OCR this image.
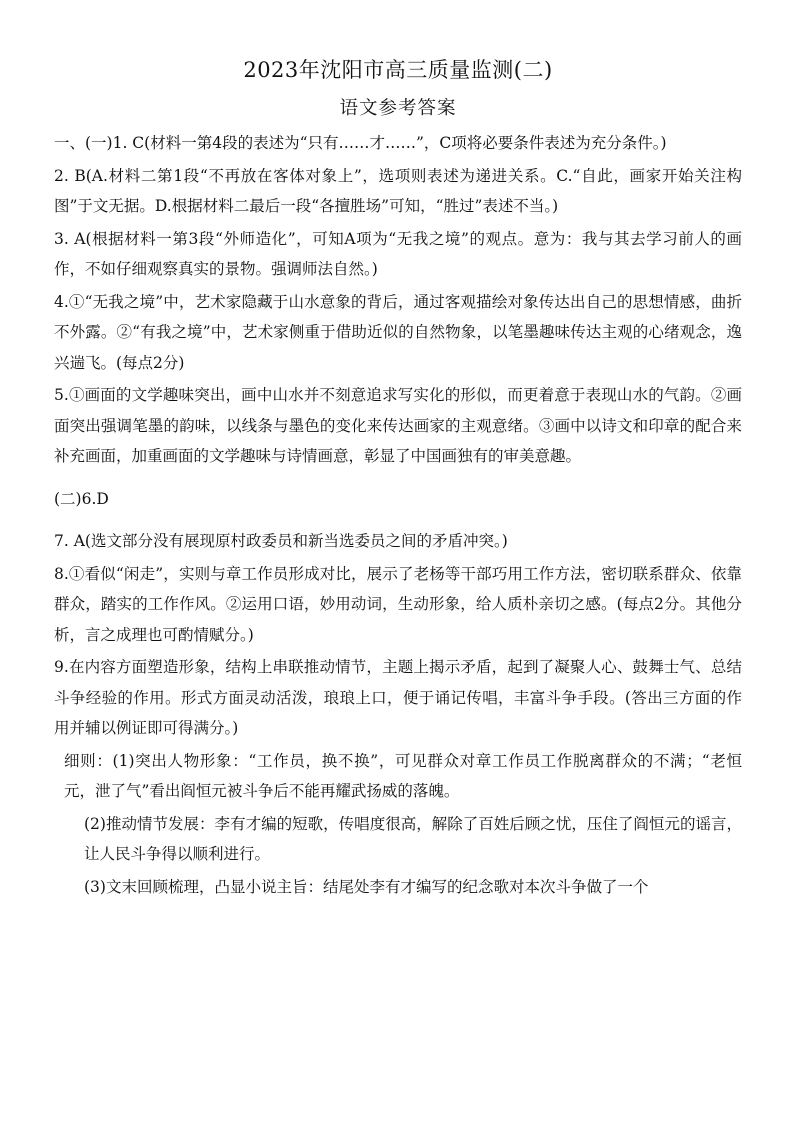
2023年沈阳市高三质量监测(二)
语文参考答案
一、(一)1. C(材料一第4段的表述为“只有……才……”，C项将必要条件表述为充分条件。)
2. B(A.材料二第1段“不再放在客体对象上”，选项则表述为递进关系。C.“自此，画家开始关注构图”于文无据。D.根据材料二最后一段“各擅胜场”可知，“胜过”表述不当。)
3. A(根据材料一第3段“外师造化”，可知A项为“无我之境”的观点。意为：我与其去学习前人的画作，不如仔细观察真实的景物。强调师法自然。)
4.①“无我之境”中，艺术家隐藏于山水意象的背后，通过客观描绘对象传达出自己的思想情感，曲折不外露。②“有我之境”中，艺术家侧重于借助近似的自然物象，以笔墨趣味传达主观的心绪观念，逸兴遄飞。(每点2分)
5.①画面的文学趣味突出，画中山水并不刻意追求写实化的形似，而更着意于表现山水的气韵。②画面突出强调笔墨的韵味，以线条与墨色的变化来传达画家的主观意绪。③画中以诗文和印章的配合来补充画面，加重画面的文学趣味与诗情画意，彰显了中国画独有的审美意趣。
(二)6.D
7. A(选文部分没有展现原村政委员和新当选委员之间的矛盾冲突。)
8.①看似“闲走”，实则与章工作员形成对比，展示了老杨等干部巧用工作方法，密切联系群众、依靠群众，踏实的工作作风。②运用口语，妙用动词，生动形象，给人质朴亲切之感。(每点2分。其他分析，言之成理也可酌情赋分。)
9.在内容方面塑造形象，结构上串联推动情节，主题上揭示矛盾，起到了凝聚人心、鼓舞士气、总结斗争经验的作用。形式方面灵动活泼，琅琅上口，便于诵记传唱，丰富斗争手段。(答出三方面的作用并辅以例证即可得满分。)
细则：(1)突出人物形象：“工作员，换不换”，可见群众对章工作员工作脱离群众的不满；“老恒元，泄了气”看出阎恒元被斗争后不能再耀武扬威的落魄。
(2)推动情节发展：李有才编的短歌，传唱度很高，解除了百姓后顾之忧，压住了阎恒元的谣言，让人民斗争得以顺利进行。
(3)文末回顾梳理，凸显小说主旨：结尾处李有才编写的纪念歌对本次斗争做了一个
